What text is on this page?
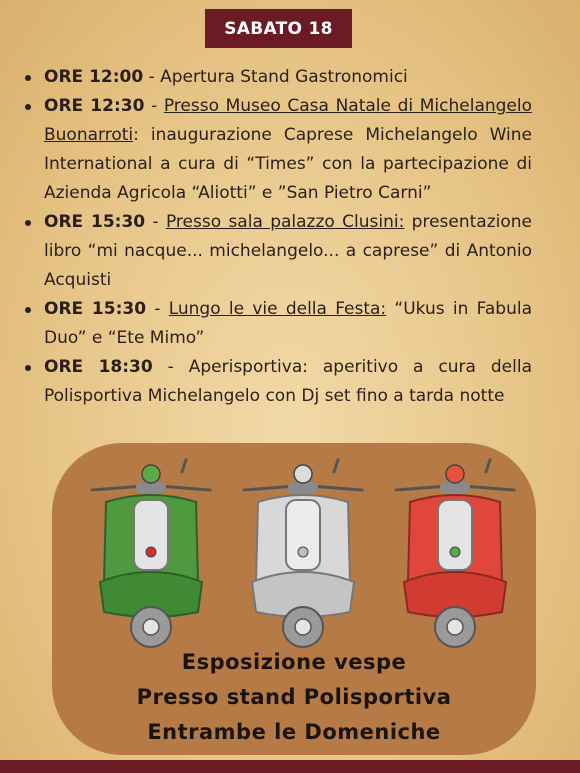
SABATO 18
ORE 12:00 - Apertura Stand Gastronomici
ORE 12:30 - Presso Museo Casa Natale di Michelangelo Buonarroti: inaugurazione Caprese Michelangelo Wine International a cura di “Times” con la partecipazione di Azienda Agricola “Aliotti” e ”San Pietro Carni”
ORE 15:30 - Presso sala palazzo Clusini: presentazione libro “mi nacque... michelangelo... a caprese” di Antonio Acquisti
ORE 15:30 - Lungo le vie della Festa: “Ukus in Fabula Duo” e “Ete Mimo”
ORE 18:30 - Aperisportiva: aperitivo a cura della Polisportiva Michelangelo con Dj set fino a tarda notte
Esposizione vespe
Presso stand Polisportiva
Entrambe le Domeniche
